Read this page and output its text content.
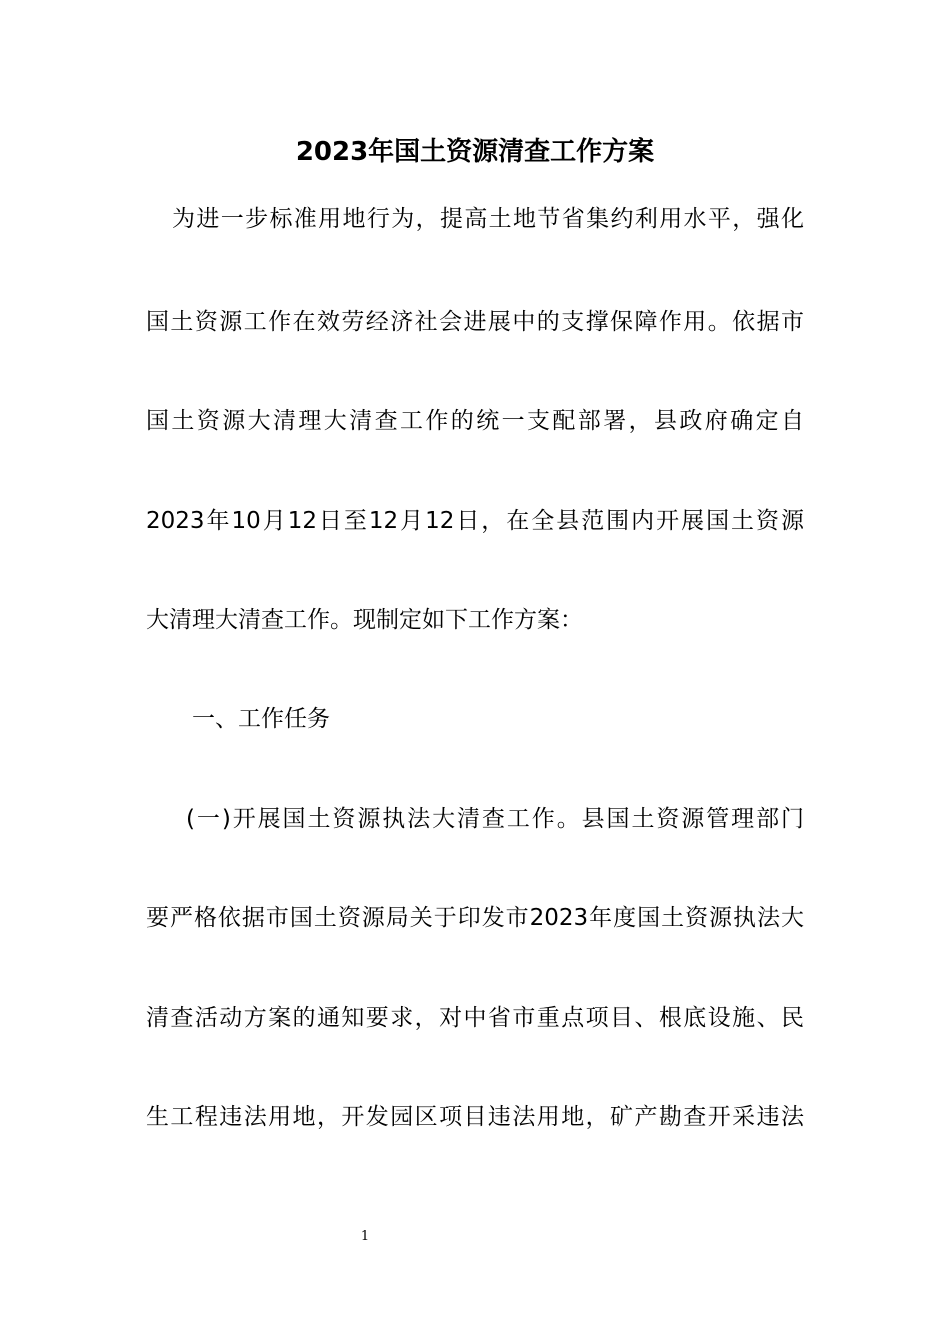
2023年国土资源清查工作方案
为进一步标准用地行为，提高土地节省集约利用水平，强化
国土资源工作在效劳经济社会进展中的支撑保障作用。依据市
国土资源大清理大清查工作的统一支配部署，县政府确定自
2023年10月12日至12月12日，在全县范围内开展国土资源
大清理大清查工作。现制定如下工作方案：
一、工作任务
(一)开展国土资源执法大清查工作。县国土资源管理部门
要严格依据市国土资源局关于印发市2023年度国土资源执法大
清查活动方案的通知要求，对中省市重点项目、根底设施、民
生工程违法用地，开发园区项目违法用地，矿产勘查开采违法
1
